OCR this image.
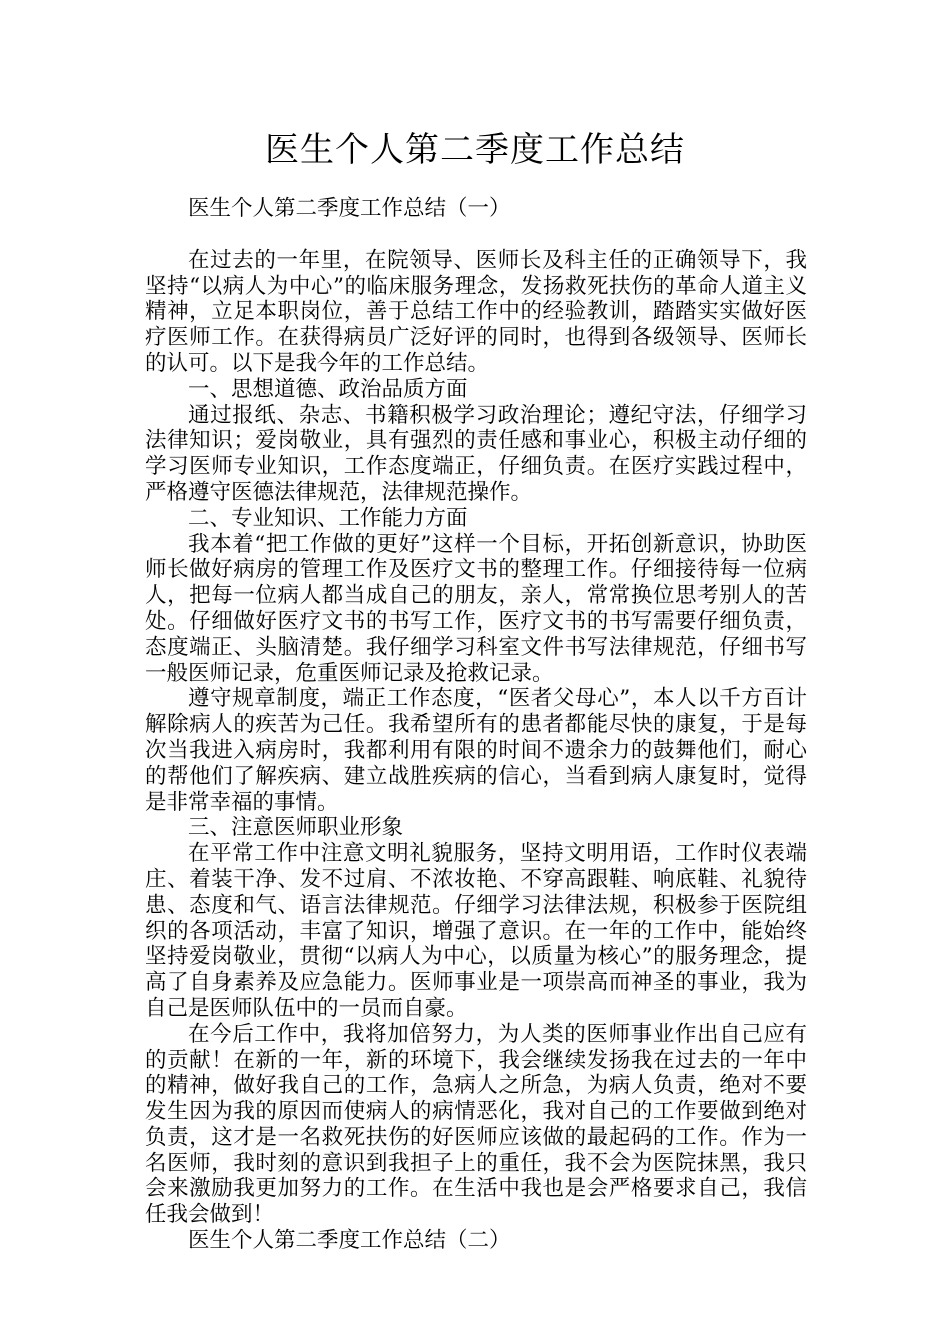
医生个人第二季度工作总结

医生个人第二季度工作总结（一）

在过去的一年里，在院领导、医师长及科主任的正确领导下，我坚持“以病人为中心”的临床服务理念，发扬救死扶伤的革命人道主义精神，立足本职岗位，善于总结工作中的经验教训，踏踏实实做好医疗医师工作。在获得病员广泛好评的同时，也得到各级领导、医师长的认可。以下是我今年的工作总结。

一、思想道德、政治品质方面

通过报纸、杂志、书籍积极学习政治理论；遵纪守法，仔细学习法律知识；爱岗敬业，具有强烈的责任感和事业心，积极主动仔细的学习医师专业知识，工作态度端正，仔细负责。在医疗实践过程中，严格遵守医德法律规范，法律规范操作。

二、专业知识、工作能力方面

我本着“把工作做的更好”这样一个目标，开拓创新意识，协助医师长做好病房的管理工作及医疗文书的整理工作。仔细接待每一位病人，把每一位病人都当成自己的朋友，亲人，常常换位思考别人的苦处。仔细做好医疗文书的书写工作，医疗文书的书写需要仔细负责，态度端正、头脑清楚。我仔细学习科室文件书写法律规范，仔细书写一般医师记录，危重医师记录及抢救记录。

遵守规章制度，端正工作态度，“医者父母心”，本人以千方百计解除病人的疾苦为己任。我希望所有的患者都能尽快的康复，于是每次当我进入病房时，我都利用有限的时间不遗余力的鼓舞他们，耐心的帮他们了解疾病、建立战胜疾病的信心，当看到病人康复时，觉得是非常幸福的事情。

三、注意医师职业形象

在平常工作中注意文明礼貌服务，坚持文明用语，工作时仪表端庄、着装干净、发不过肩、不浓妆艳、不穿高跟鞋、响底鞋、礼貌待患、态度和气、语言法律规范。仔细学习法律法规，积极参于医院组织的各项活动，丰富了知识，增强了意识。在一年的工作中，能始终坚持爱岗敬业，贯彻“以病人为中心，以质量为核心”的服务理念，提高了自身素养及应急能力。医师事业是一项崇高而神圣的事业，我为自己是医师队伍中的一员而自豪。

在今后工作中，我将加倍努力，为人类的医师事业作出自己应有的贡献！在新的一年，新的环境下，我会继续发扬我在过去的一年中的精神，做好我自己的工作，急病人之所急，为病人负责，绝对不要发生因为我的原因而使病人的病情恶化，我对自己的工作要做到绝对负责，这才是一名救死扶伤的好医师应该做的最起码的工作。作为一名医师，我时刻的意识到我担子上的重任，我不会为医院抹黑，我只会来激励我更加努力的工作。在生活中我也是会严格要求自己，我信任我会做到！

医生个人第二季度工作总结（二）
